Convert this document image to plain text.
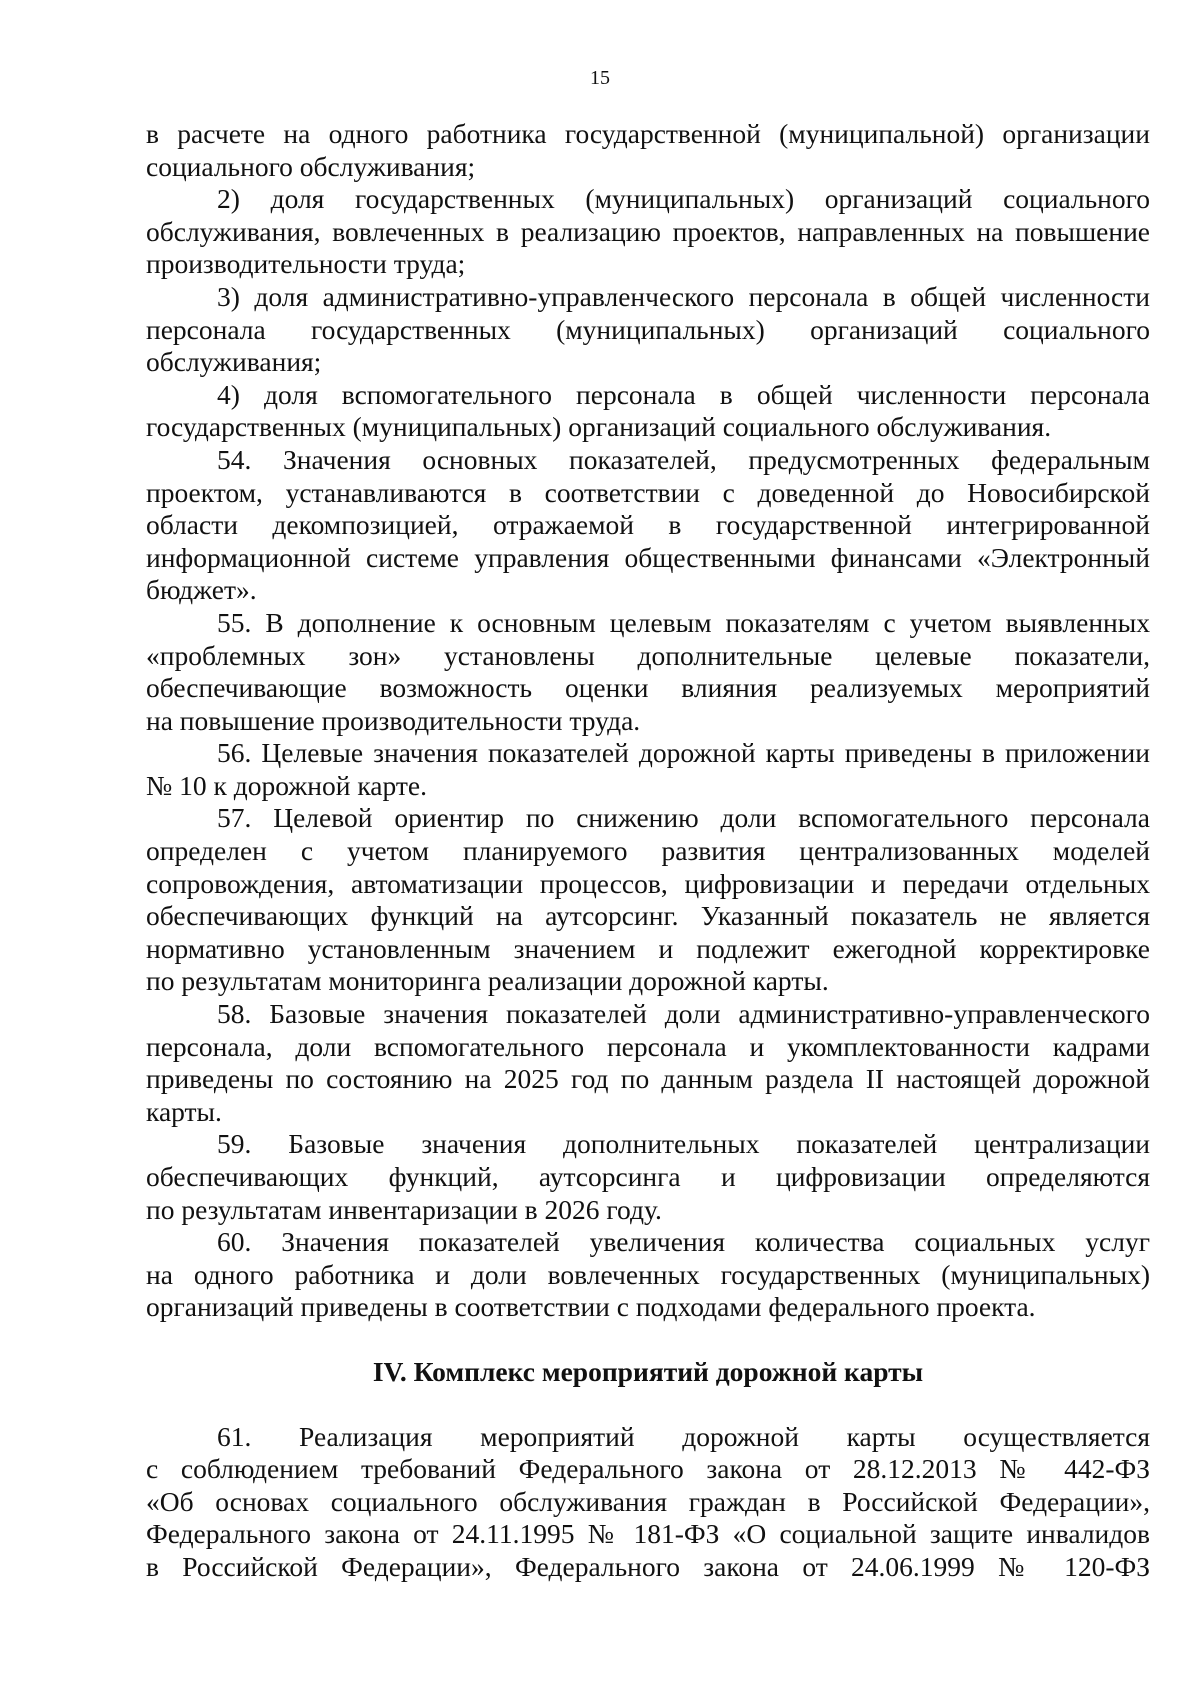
15
в расчете на одного работника государственной (муниципальной) организации
социального обслуживания;
2) доля государственных (муниципальных) организаций социального
обслуживания, вовлеченных в реализацию проектов, направленных на повышение
производительности труда;
3) доля административно-управленческого персонала в общей численности
персонала государственных (муниципальных) организаций социального
обслуживания;
4) доля вспомогательного персонала в общей численности персонала
государственных (муниципальных) организаций социального обслуживания.
54. Значения основных показателей, предусмотренных федеральным
проектом, устанавливаются в соответствии с доведенной до Новосибирской
области декомпозицией, отражаемой в государственной интегрированной
информационной системе управления общественными финансами «Электронный
бюджет».
55. В дополнение к основным целевым показателям с учетом выявленных
«проблемных зон» установлены дополнительные целевые показатели,
обеспечивающие возможность оценки влияния реализуемых мероприятий
на повышение производительности труда.
56. Целевые значения показателей дорожной карты приведены в приложении
№ 10 к дорожной карте.
57. Целевой ориентир по снижению доли вспомогательного персонала
определен с учетом планируемого развития централизованных моделей
сопровождения, автоматизации процессов, цифровизации и передачи отдельных
обеспечивающих функций на аутсорсинг. Указанный показатель не является
нормативно установленным значением и подлежит ежегодной корректировке
по результатам мониторинга реализации дорожной карты.
58. Базовые значения показателей доли административно-управленческого
персонала, доли вспомогательного персонала и укомплектованности кадрами
приведены по состоянию на 2025 год по данным раздела II настоящей дорожной
карты.
59. Базовые значения дополнительных показателей централизации
обеспечивающих функций, аутсорсинга и цифровизации определяются
по результатам инвентаризации в 2026 году.
60. Значения показателей увеличения количества социальных услуг
на одного работника и доли вовлеченных государственных (муниципальных)
организаций приведены в соответствии с подходами федерального проекта.
IV. Комплекс мероприятий дорожной карты
61. Реализация мероприятий дорожной карты осуществляется
с соблюдением требований Федерального закона от 28.12.2013 № 442-ФЗ
«Об основах социального обслуживания граждан в Российской Федерации»,
Федерального закона от 24.11.1995 № 181-ФЗ «О социальной защите инвалидов
в Российской Федерации», Федерального закона от 24.06.1999 № 120-ФЗ
